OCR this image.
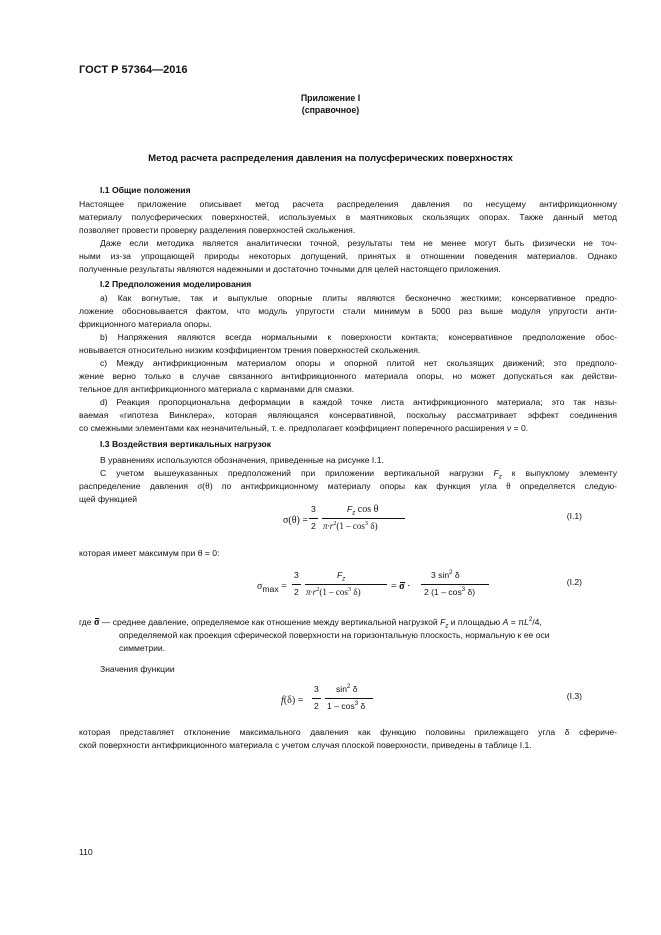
ГОСТ Р 57364—2016
Приложение I
(справочное)
Метод расчета распределения давления на полусферических поверхностях
I.1 Общие положения
Настоящее приложение описывает метод расчета распределения давления по несущему антифрикционному
материалу полусферических поверхностей, используемых в маятниковых скользящих опорах. Также данный метод
позволяет провести проверку разделения поверхностей скольжения.
Даже если методика является аналитически точной, результаты тем не менее могут быть физически не точ-
ными из-за упрощающей природы некоторых допущений, принятых в отношении поведения материалов. Однако
полученные результаты являются надежными и достаточно точными для целей настоящего приложения.
I.2 Предположения моделирования
а) Как вогнутые, так и выпуклые опорные плиты являются бесконечно жесткими; консервативное предпо-
ложение обосновывается фактом, что модуль упругости стали минимум в 5000 раз выше модуля упругости анти-
фрикционного материала опоры.
b) Напряжения являются всегда нормальными к поверхности контакта; консервативное предположение обос-
новывается относительно низким коэффициентом трения поверхностей скольжения.
c) Между антифрикционным материалом опоры и опорной плитой нет скользящих движений; это предполо-
жение верно только в случае связанного антифрикционного материала опоры, но может допускаться как действи-
тельное для антифрикционного материала с карманами для смазки.
d) Реакция пропорциональна деформации в каждой точке листа антифрикционного материала; это так назы-
ваемая «гипотеза Винклера», которая являющаяся консервативной, поскольку рассматривает эффект соединения
со смежными элементами как незначительный, т. е. предполагает коэффициент поперечного расширения ν = 0.
I.3 Воздействия вертикальных нагрузок
В уравнениях используются обозначения, приведенные на рисунке I.1.
С учетом вышеуказанных предположений при приложении вертикальной нагрузки $F_z$ к выпуклому элементу
распределение давления σ(θ) по антифрикционному материалу опоры как функция угла θ определяется следую-
щей функцией
σ(θ) =
3
2
$F_z$ cos θ
$\pi\cdot r^2(1 - \cos^3 \delta)$
(I.1)
которая имеет максимум при θ = 0:
$\sigma_{max}$ =
3
2
$F_z$
$\pi\cdot r^2(1 - \cos^3 \delta)$	= σ ⋅
3 $\sin^2 \delta$
2 $(1 - \cos^3 \delta)$
(I.2)
где σ — среднее давление, определяемое как отношение между вертикальной нагрузкой $F_z$ и площадью $A = \pi L^2/4$,
определяемой как проекция сферической поверхности на горизонтальную плоскость, нормальную к ее оси
симметрии.
Значения функции
f(δ) =
3
2
$\sin^2 \delta$
$1 - \cos^3 \delta$
(I.3)
которая представляет отклонение максимального давления как функцию половины прилежащего угла δ сфериче-
ской поверхности антифрикционного материала с учетом случая плоской поверхности, приведены в таблице I.1.
110
